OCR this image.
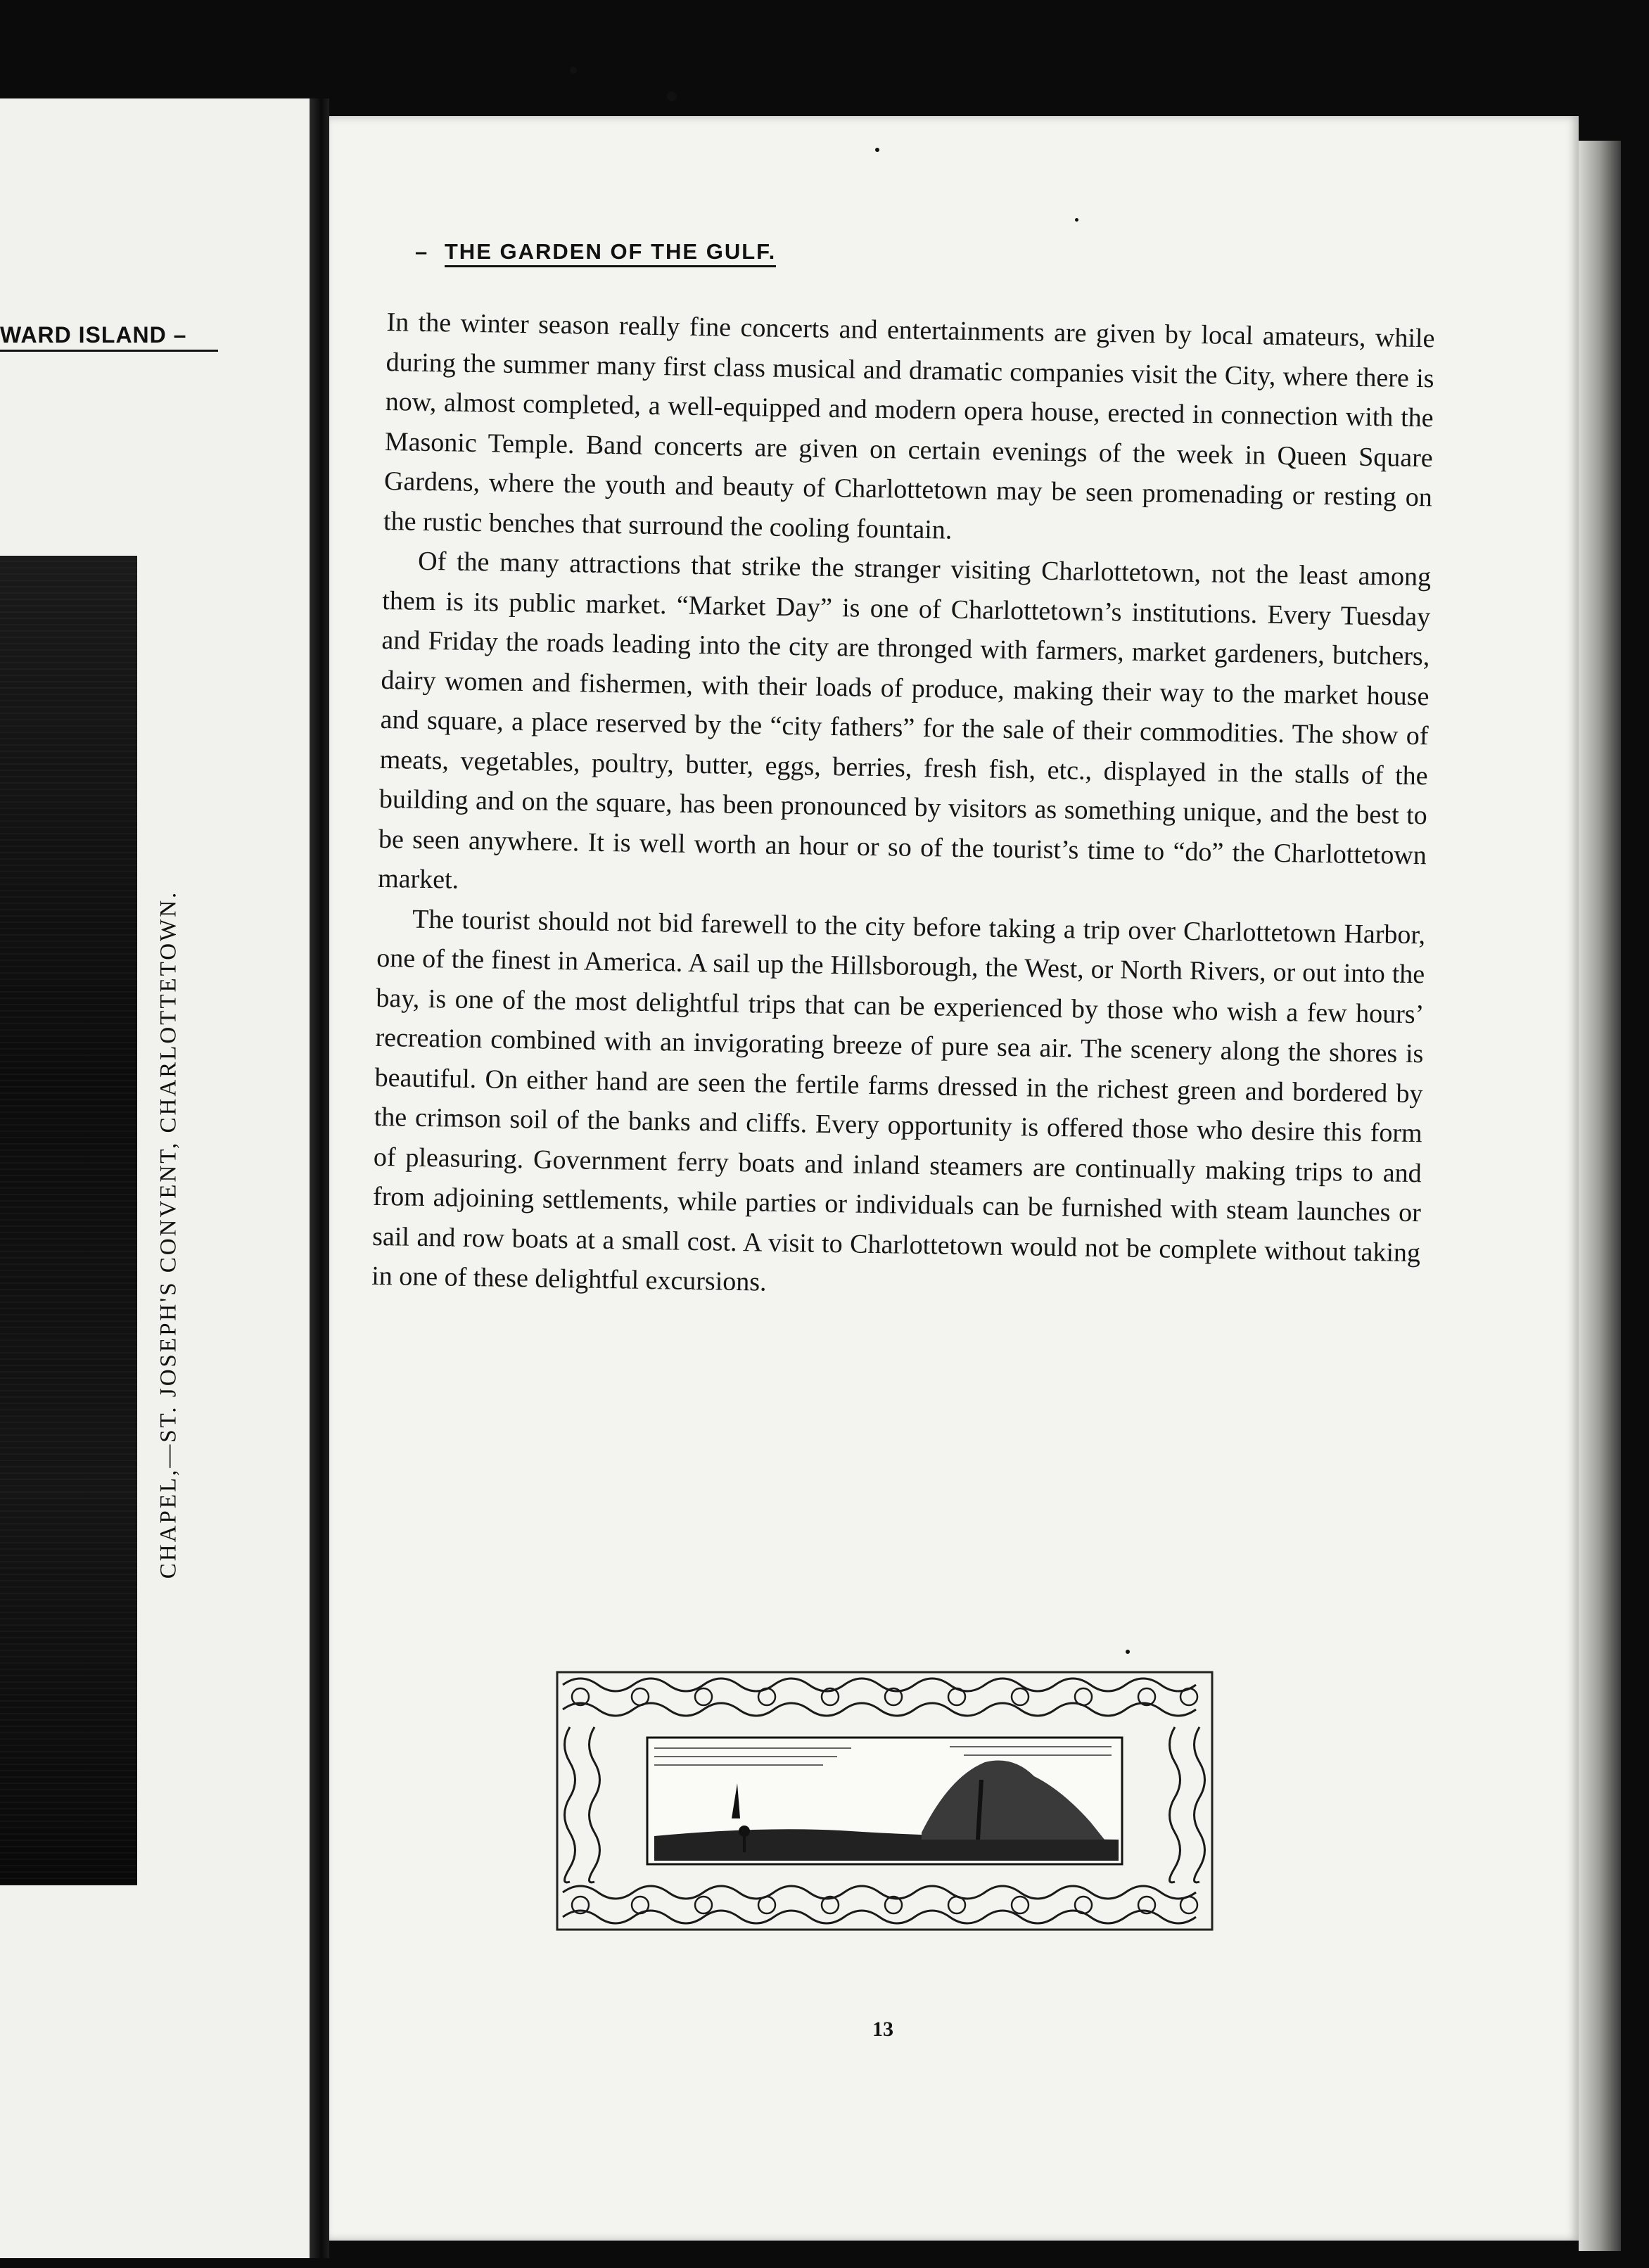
WARD ISLAND –
CHAPEL,—ST. JOSEPH'S CONVENT, CHARLOTTETOWN.
– THE GARDEN OF THE GULF.

In the winter season really fine concerts and entertainments are given by local amateurs, while during the summer many first class musical and dramatic companies visit the City, where there is now, almost completed, a well-equipped and modern opera house, erected in connection with the Masonic Temple. Band concerts are given on certain evenings of the week in Queen Square Gardens, where the youth and beauty of Charlottetown may be seen promenading or resting on the rustic benches that surround the cooling fountain.

Of the many attractions that strike the stranger visiting Charlottetown, not the least among them is its public market. “Market Day” is one of Charlottetown’s institutions. Every Tuesday and Friday the roads leading into the city are thronged with farmers, market gardeners, butchers, dairy women and fishermen, with their loads of produce, making their way to the market house and square, a place reserved by the “city fathers” for the sale of their commodities. The show of meats, vegetables, poultry, butter, eggs, berries, fresh fish, etc., displayed in the stalls of the building and on the square, has been pronounced by visitors as something unique, and the best to be seen anywhere. It is well worth an hour or so of the tourist’s time to “do” the Charlottetown market.

The tourist should not bid farewell to the city before taking a trip over Charlottetown Harbor, one of the finest in America. A sail up the Hillsborough, the West, or North Rivers, or out into the bay, is one of the most delightful trips that can be experienced by those who wish a few hours’ recreation combined with an invigorating breeze of pure sea air. The scenery along the shores is beautiful. On either hand are seen the fertile farms dressed in the richest green and bordered by the crimson soil of the banks and cliffs. Every opportunity is offered those who desire this form of pleasuring. Government ferry boats and inland steamers are continually making trips to and from adjoining settlements, while parties or individuals can be furnished with steam launches or sail and row boats at a small cost. A visit to Charlottetown would not be complete without taking in one of these delightful excursions.

13
